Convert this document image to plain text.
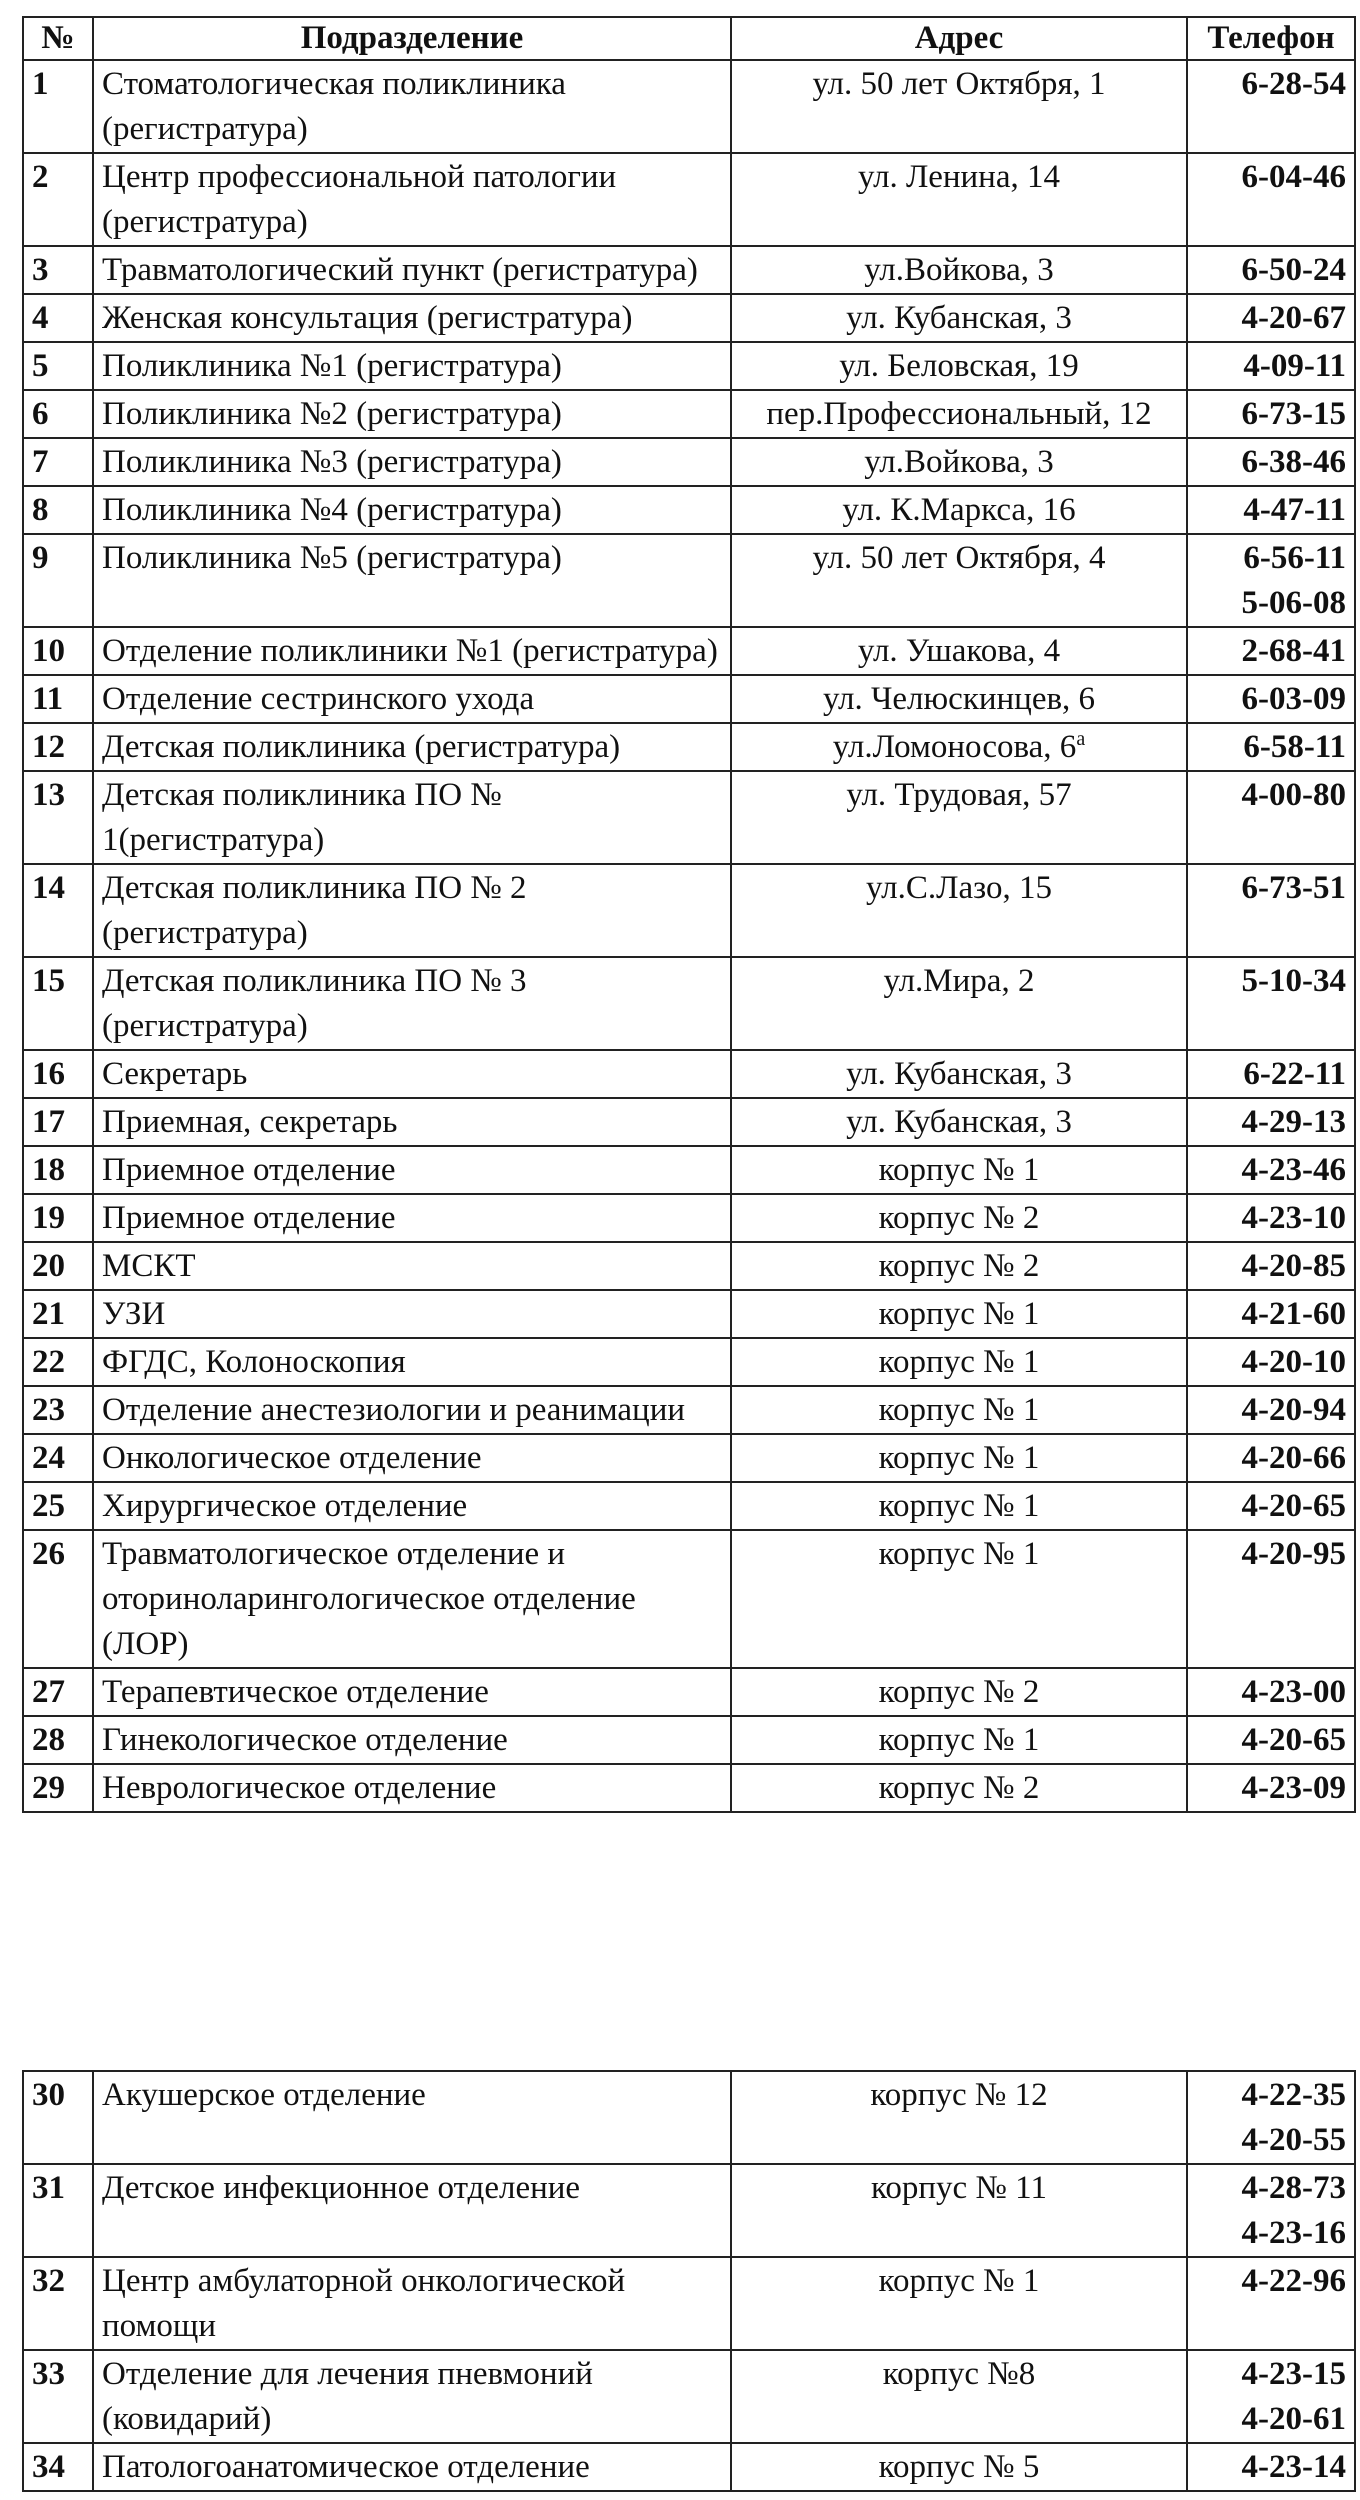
№	Подразделение	Адрес	Телефон
1	Стоматологическая поликлиника (регистратура)	ул. 50 лет Октября, 1	6-28-54

2	Центр профессиональной патологии (регистратура)	ул. Ленина, 14	6-04-46

3	Травматологический пункт (регистратура)	ул.Войкова, 3	6-50-24

4	Женская консультация (регистратура)	ул. Кубанская, 3	4-20-67

5	Поликлиника №1 (регистратура)	ул. Беловская, 19	4-09-11

6	Поликлиника №2 (регистратура)	пер.Профессиональный, 12	6-73-15

7	Поликлиника №3 (регистратура)	ул.Войкова, 3	6-38-46

8	Поликлиника №4 (регистратура)	ул. К.Маркса, 16	4-47-11

9	Поликлиника №5 (регистратура)	ул. 50 лет Октября, 4	6-56-11
5-06-08

10	Отделение поликлиники №1 (регистратура)	ул. Ушакова, 4	2-68-41

11	Отделение сестринского ухода	ул. Челюскинцев, 6	6-03-09

12	Детская поликлиника (регистратура)	ул.Ломоносова, $6^а$	6-58-11

13	Детская поликлиника ПО № 1(регистратура)	ул. Трудовая, 57	4-00-80

14	Детская поликлиника ПО № 2 (регистратура)	ул.С.Лазо, 15	6-73-51

15	Детская поликлиника ПО № 3 (регистратура)	ул.Мира, 2	5-10-34

16	Секретарь	ул. Кубанская, 3	6-22-11

17	Приемная, секретарь	ул. Кубанская, 3	4-29-13

18	Приемное отделение	корпус № 1	4-23-46

19	Приемное отделение	корпус № 2	4-23-10

20	МСКТ	корпус № 2	4-20-85

21	УЗИ	корпус № 1	4-21-60

22	ФГДС, Колоноскопия	корпус № 1	4-20-10

23	Отделение анестезиологии и реанимации	корпус № 1	4-20-94

24	Онкологическое отделение	корпус № 1	4-20-66

25	Хирургическое отделение	корпус № 1	4-20-65

26	Травматологическое отделение и оториноларингологическое отделение (ЛОР)	корпус № 1	4-20-95

27	Терапевтическое отделение	корпус № 2	4-23-00

28	Гинекологическое отделение	корпус № 1	4-20-65

29	Неврологическое отделение	корпус № 2	4-23-09
30	Акушерское отделение	корпус № 12	4-22-35
4-20-55

31	Детское инфекционное отделение	корпус № 11	4-28-73
4-23-16

32	Центр амбулаторной онкологической помощи	корпус № 1	4-22-96

33	Отделение для лечения пневмоний (ковидарий)	корпус №8	4-23-15
4-20-61

34	Патологоанатомическое отделение	корпус № 5	4-23-14
